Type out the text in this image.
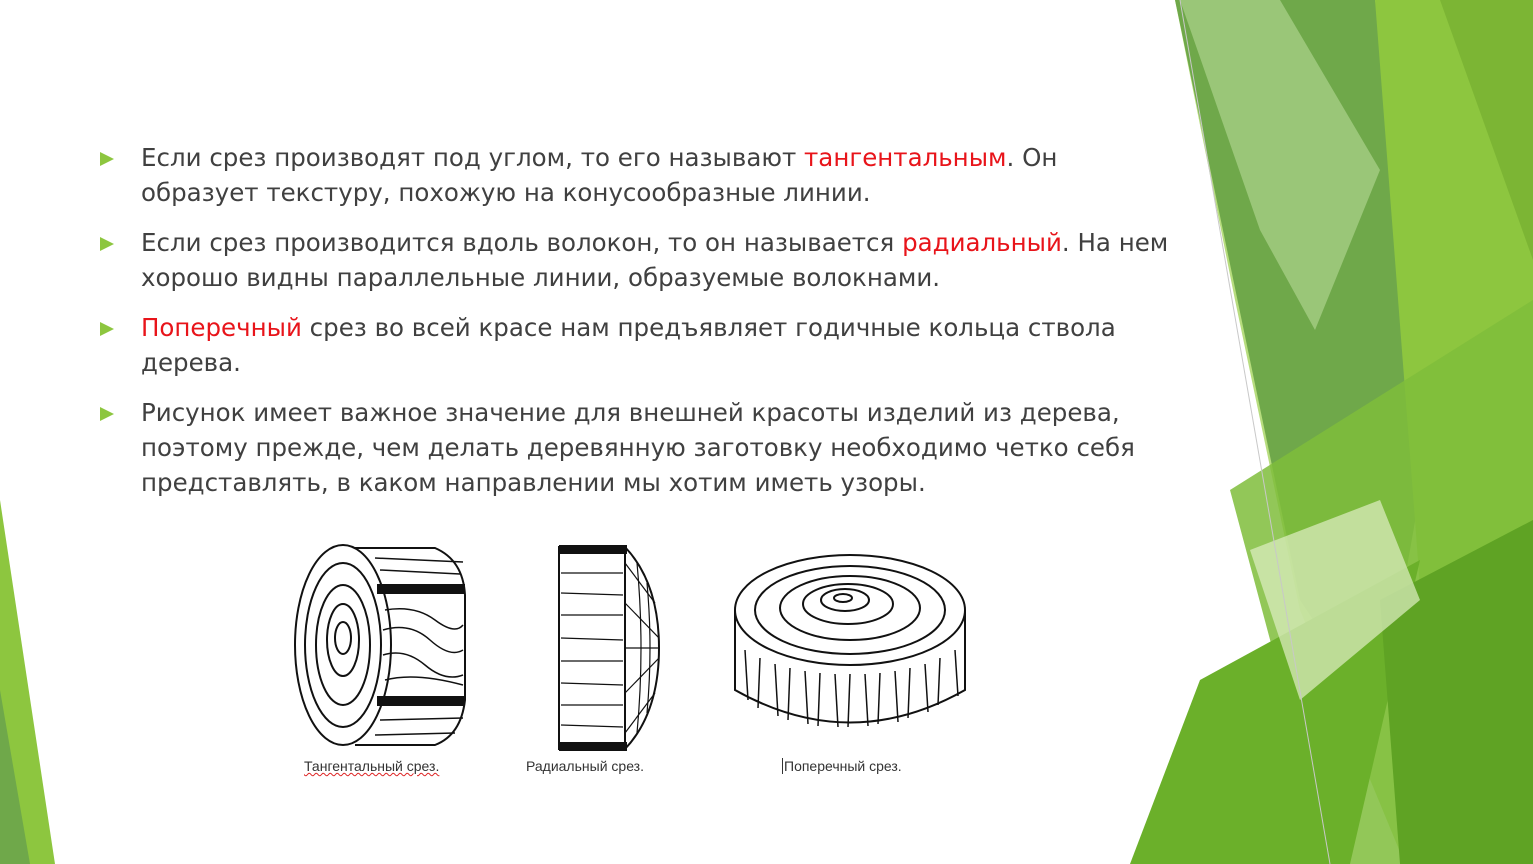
Если срез производят под углом, то его называют тангентальным. Он образует текстуру, похожую на конусообразные линии.
Если срез производится вдоль волокон, то он называется радиальный. На нем хорошо видны параллельные линии, образуемые волокнами.
Поперечный срез во всей красе нам предъявляет годичные кольца ствола дерева.
Рисунок имеет важное значение для внешней красоты изделий из дерева, поэтому прежде, чем делать деревянную заготовку необходимо четко себя представлять, в каком направлении мы хотим иметь узоры.
Тангентальный срез.	Радиальный срез.	Поперечный срез.
